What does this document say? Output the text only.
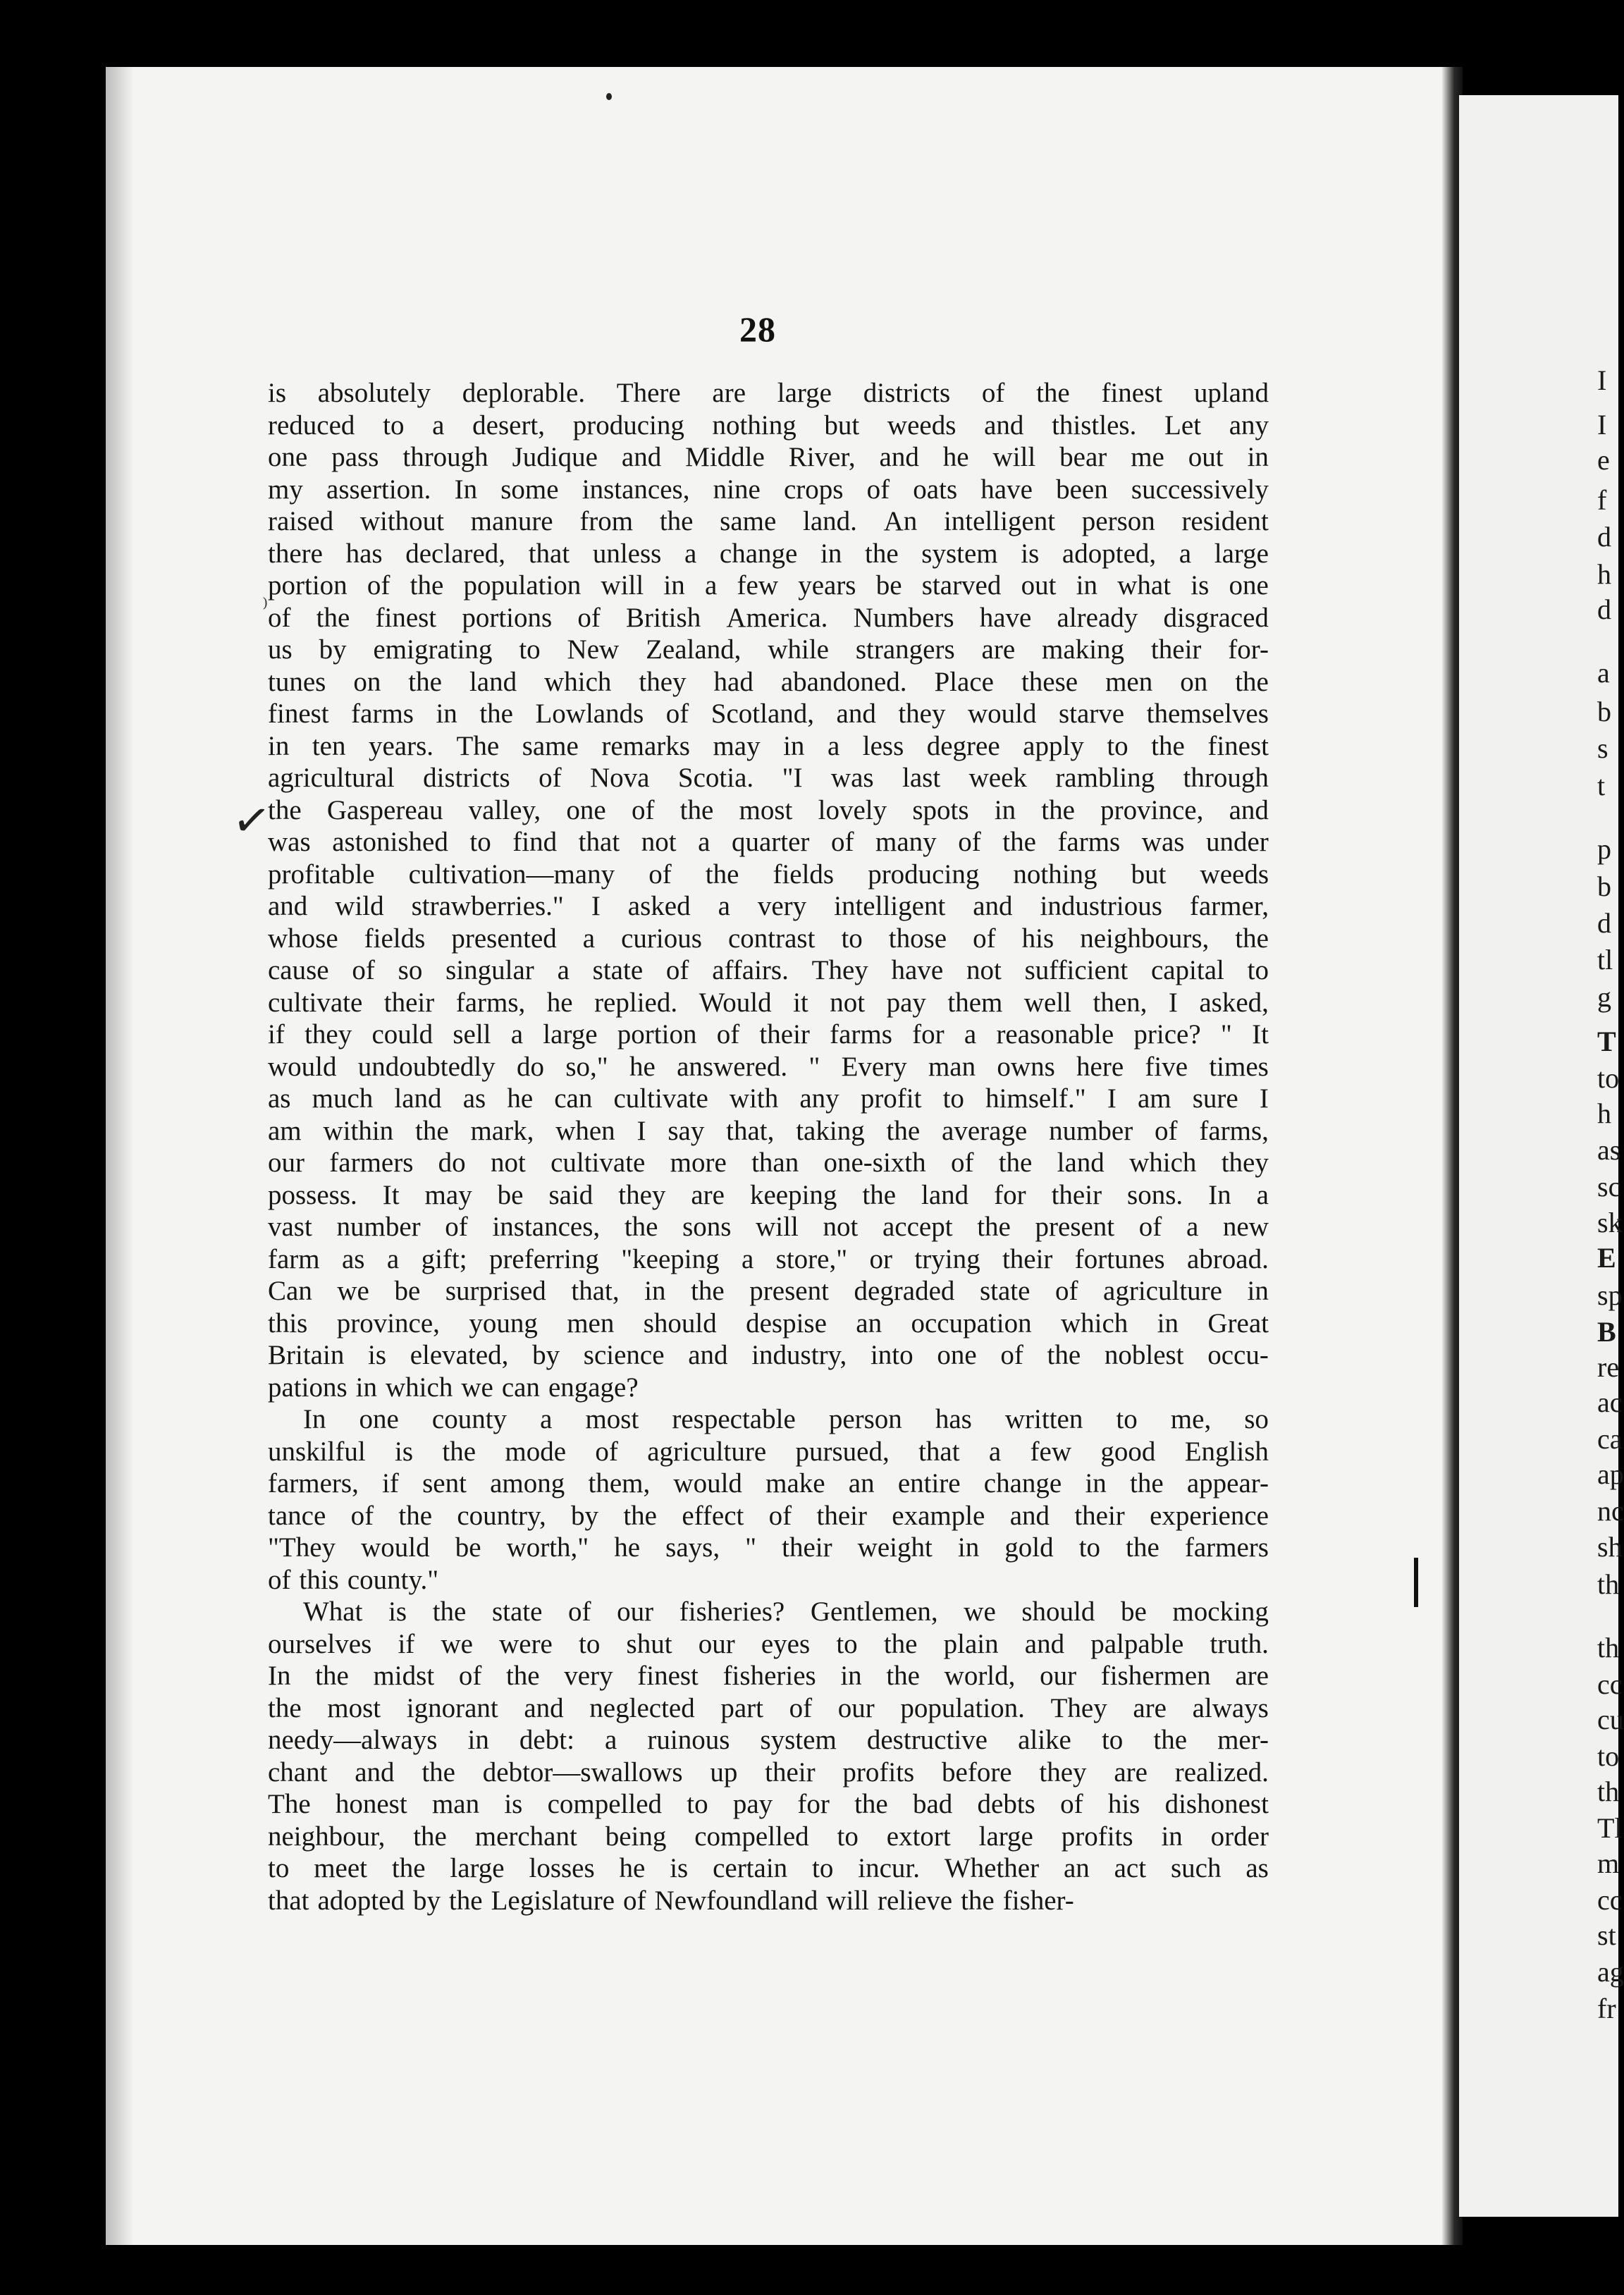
28
⁾
✓
is absolutely deplorable. There are large districts of the finest upland
reduced to a desert, producing nothing but weeds and thistles. Let any
one pass through Judique and Middle River, and he will bear me out in
my assertion. In some instances, nine crops of oats have been successively
raised without manure from the same land. An intelligent person resident
there has declared, that unless a change in the system is adopted, a large
portion of the population will in a few years be starved out in what is one
of the finest portions of British America. Numbers have already disgraced
us by emigrating to New Zealand, while strangers are making their for-
tunes on the land which they had abandoned. Place these men on the
finest farms in the Lowlands of Scotland, and they would starve themselves
in ten years. The same remarks may in a less degree apply to the finest
agricultural districts of Nova Scotia. "I was last week rambling through
the Gaspereau valley, one of the most lovely spots in the province, and
was astonished to find that not a quarter of many of the farms was under
profitable cultivation—many of the fields producing nothing but weeds
and wild strawberries." I asked a very intelligent and industrious farmer,
whose fields presented a curious contrast to those of his neighbours, the
cause of so singular a state of affairs. They have not sufficient capital to
cultivate their farms, he replied. Would it not pay them well then, I asked,
if they could sell a large portion of their farms for a reasonable price? " It
would undoubtedly do so," he answered. " Every man owns here five times
as much land as he can cultivate with any profit to himself." I am sure I
am within the mark, when I say that, taking the average number of farms,
our farmers do not cultivate more than one-sixth of the land which they
possess. It may be said they are keeping the land for their sons. In a
vast number of instances, the sons will not accept the present of a new
farm as a gift; preferring "keeping a store," or trying their fortunes abroad.
Can we be surprised that, in the present degraded state of agriculture in
this province, young men should despise an occupation which in Great
Britain is elevated, by science and industry, into one of the noblest occu-
pations in which we can engage?
In one county a most respectable person has written to me, so
unskilful is the mode of agriculture pursued, that a few good English
farmers, if sent among them, would make an entire change in the appear-
tance of the country, by the effect of their example and their experience
"They would be worth," he says, " their weight in gold to the farmers
of this county."
What is the state of our fisheries? Gentlemen, we should be mocking
ourselves if we were to shut our eyes to the plain and palpable truth.
In the midst of the very finest fisheries in the world, our fishermen are
the most ignorant and neglected part of our population. They are always
needy—always in debt: a ruinous system destructive alike to the mer-
chant and the debtor—swallows up their profits before they are realized.
The honest man is compelled to pay for the bad debts of his dishonest
neighbour, the merchant being compelled to extort large profits in order
to meet the large losses he is certain to incur. Whether an act such as
that adopted by the Legislature of Newfoundland will relieve the fisher-
I
I
e
f
d
h
d
a
b
s
t
p
b
d
tl
g
T
to
h
as
sc
sk
E
sp
B
re
ac
ca
ap
nc
sh
th
th
cc
cu
to
th
Tl
m
cc
st
ag
fr
